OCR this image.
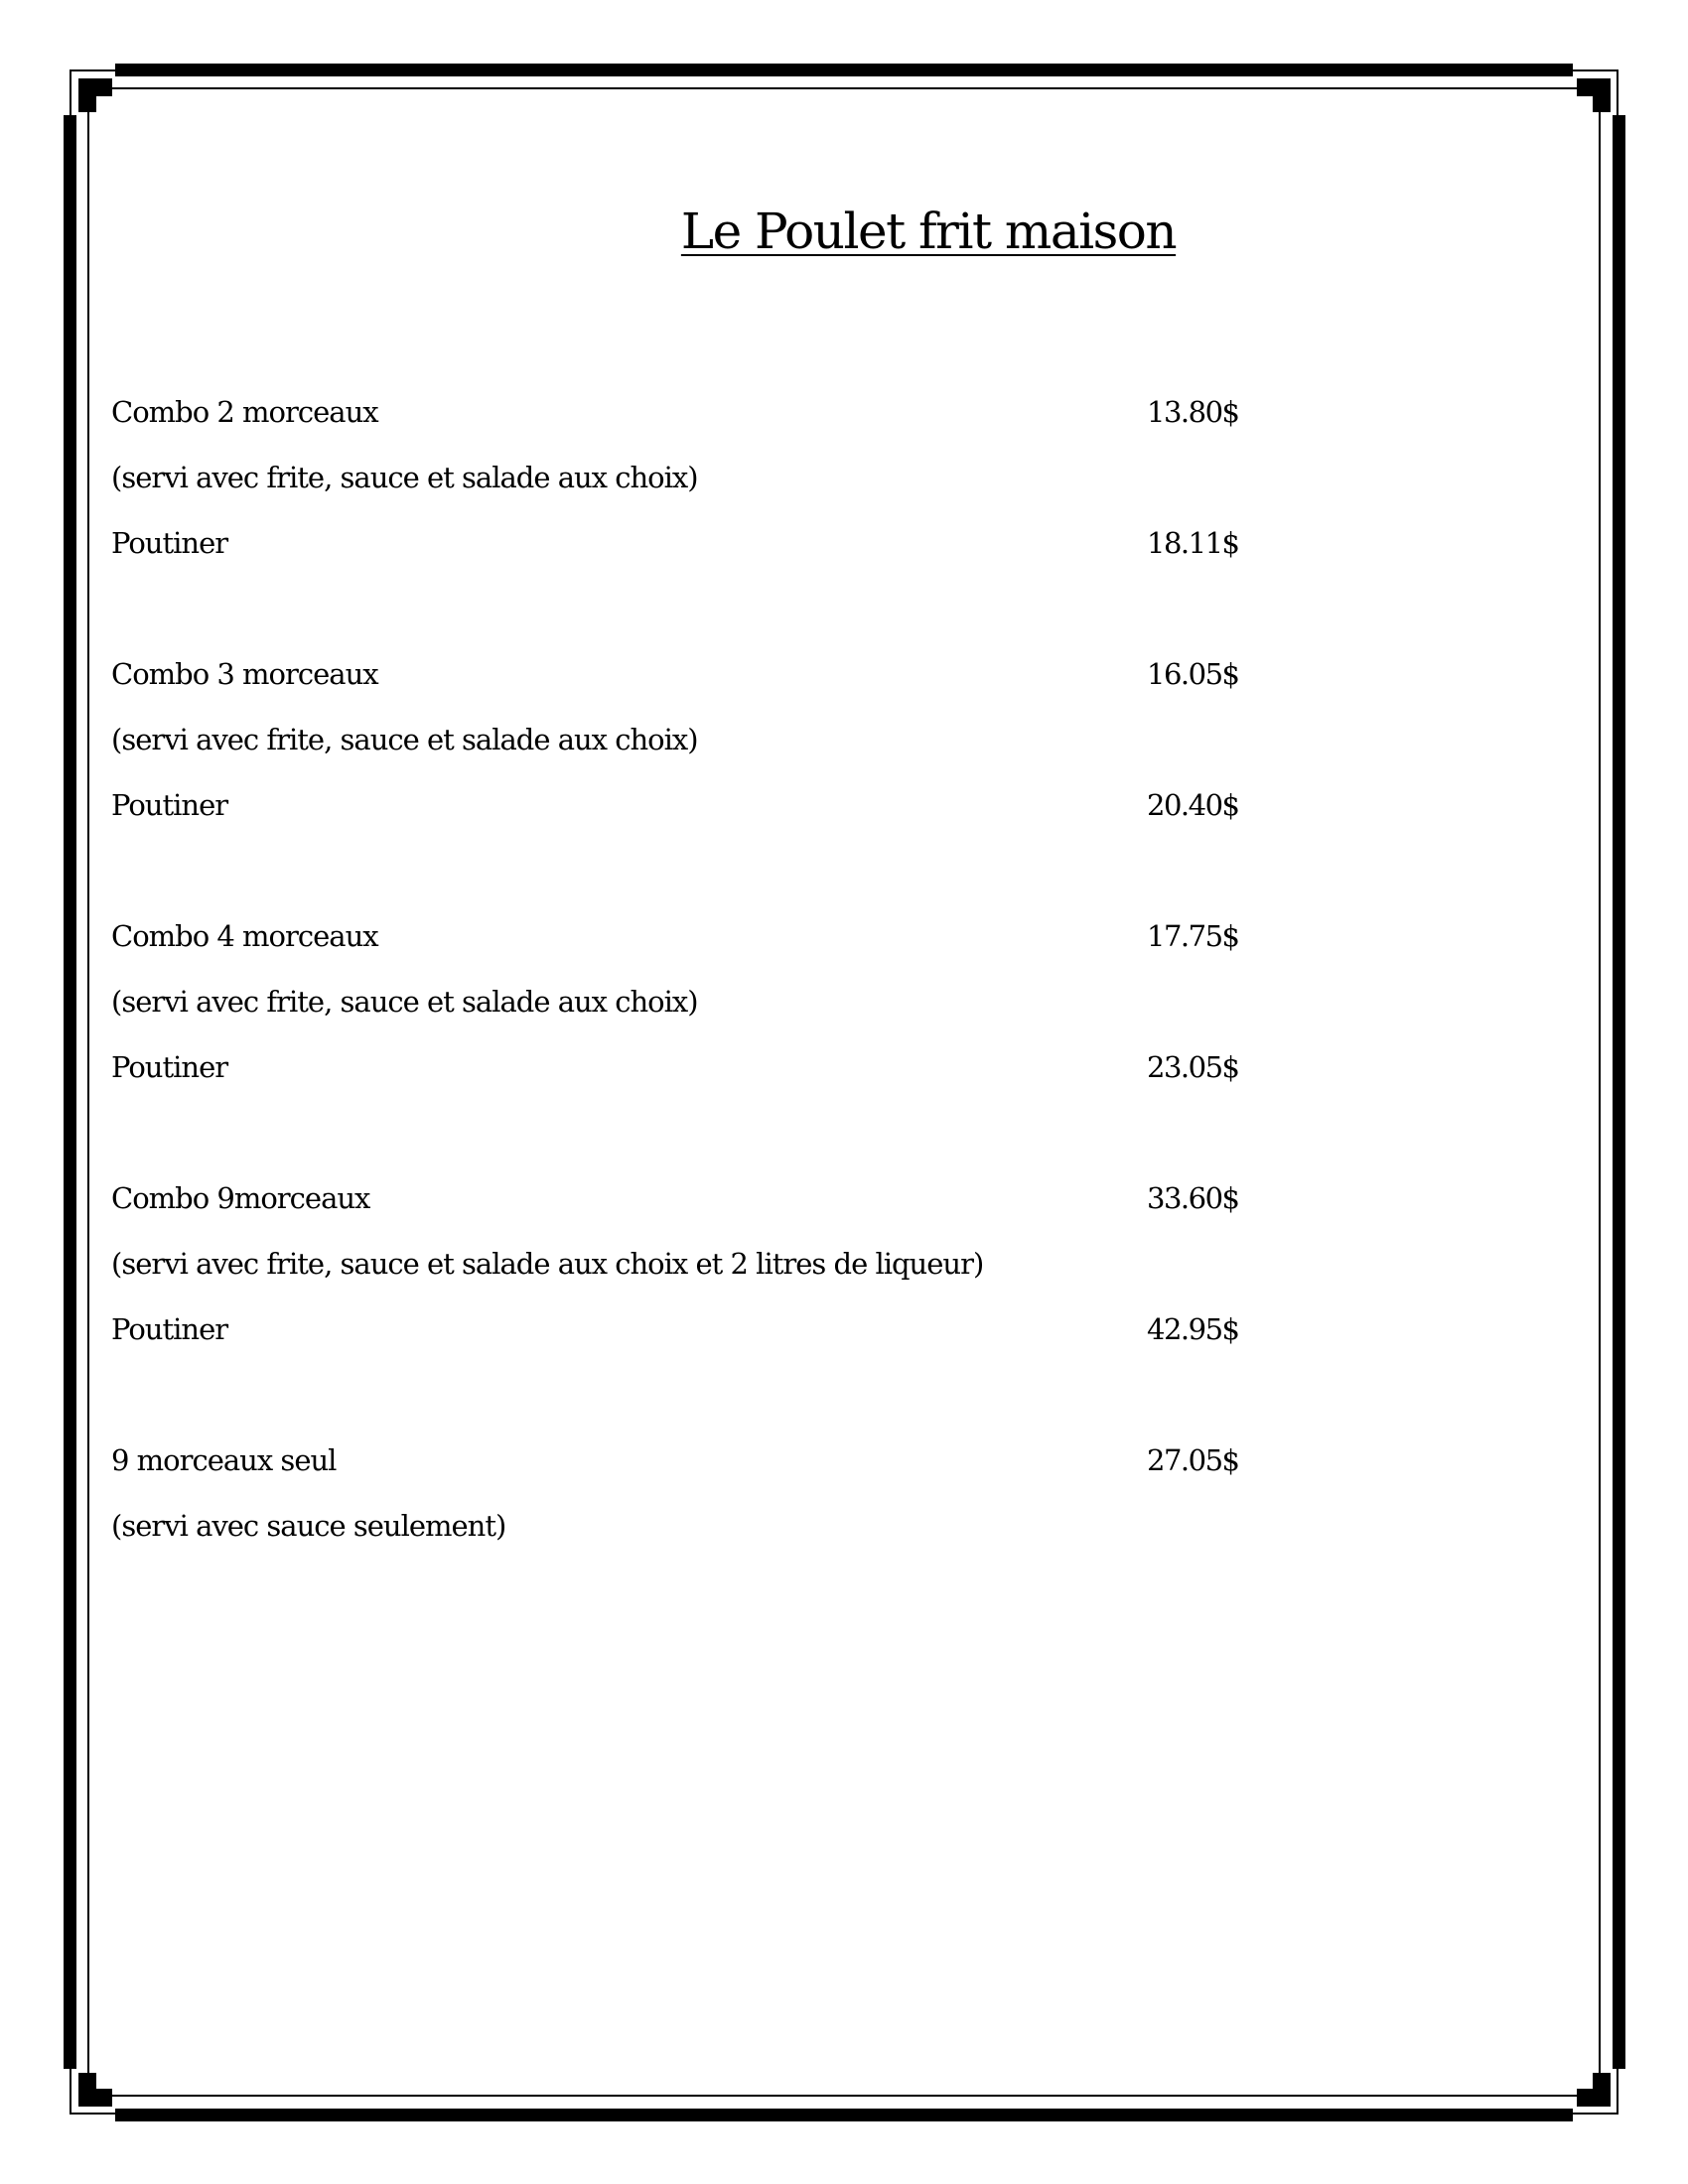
Le Poulet frit maison
Combo 2 morceaux	13.80$
(servi avec frite, sauce et salade aux choix)
Poutiner	18.11$
Combo 3 morceaux	16.05$
(servi avec frite, sauce et salade aux choix)
Poutiner	20.40$
Combo 4 morceaux	17.75$
(servi avec frite, sauce et salade aux choix)
Poutiner	23.05$
Combo 9morceaux	33.60$
(servi avec frite, sauce et salade aux choix et 2 litres de liqueur)
Poutiner	42.95$
9 morceaux seul	27.05$
(servi avec sauce seulement)
